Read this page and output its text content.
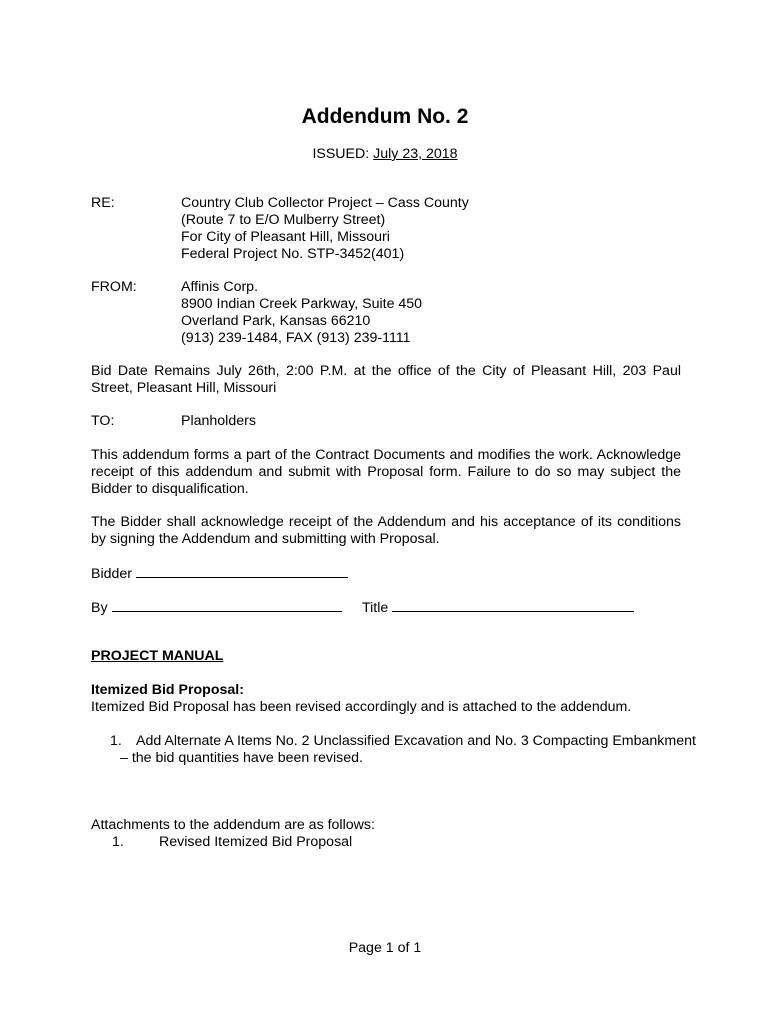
Addendum No. 2
ISSUED: July 23, 2018
RE:	Country Club Collector Project – Cass County
(Route 7 to E/O Mulberry Street)
For City of Pleasant Hill, Missouri
Federal Project No. STP-3452(401)
FROM:	Affinis Corp.
8900 Indian Creek Parkway, Suite 450
Overland Park, Kansas 66210
(913) 239-1484, FAX (913) 239-1111
Bid Date Remains July 26th, 2:00 P.M. at the office of the City of Pleasant Hill, 203 Paul Street, Pleasant Hill, Missouri
TO:	Planholders
This addendum forms a part of the Contract Documents and modifies the work. Acknowledge receipt of this addendum and submit with Proposal form. Failure to do so may subject the Bidder to disqualification.
The Bidder shall acknowledge receipt of the Addendum and his acceptance of its conditions by signing the Addendum and submitting with Proposal.
Bidder
By	Title
PROJECT MANUAL
Itemized Bid Proposal:
Itemized Bid Proposal has been revised accordingly and is attached to the addendum.
1. Add Alternate A Items No. 2 Unclassified Excavation and No. 3 Compacting Embankment
– the bid quantities have been revised.
Attachments to the addendum are as follows:
1. Revised Itemized Bid Proposal
Page 1 of 1
